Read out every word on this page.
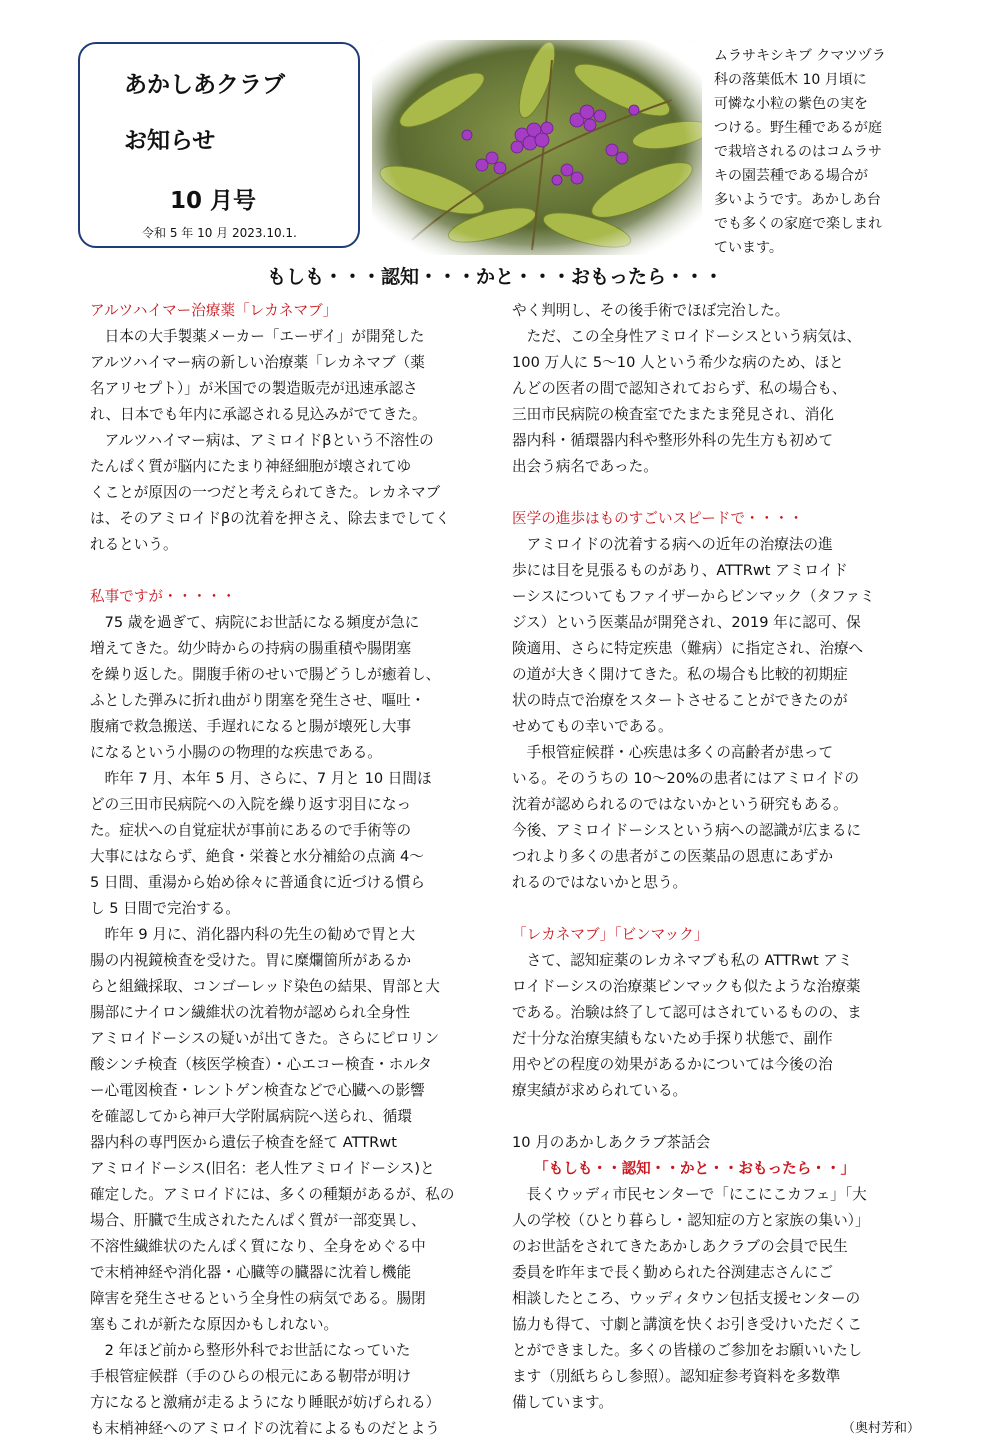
あかしあクラブ
お知らせ
10 月号
令和 5 年 10 月 2023.10.1.

ムラサキシキブ クマツヅラ

科の落葉低木 10 月頃に

可憐な小粒の紫色の実を

つける。野生種であるが庭

で栽培されるのはコムラサ

キの園芸種である場合が

多いようです。あかしあ台

でも多くの家庭で楽しまれ

ています。

もしも・・・認知・・・かと・・・おもったら・・・

アルツハイマー治療薬「レカネマブ」

　日本の大手製薬メーカー「エーザイ」が開発した

アルツハイマー病の新しい治療薬「レカネマブ（薬

名アリセプト）」が米国での製造販売が迅速承認さ

れ、日本でも年内に承認される見込みがでてきた。

　アルツハイマー病は、アミロイドβという不溶性の

たんぱく質が脳内にたまり神経細胞が壊されてゆ

くことが原因の一つだと考えられてきた。レカネマブ

は、そのアミロイドβの沈着を押さえ、除去までしてく

れるという。

私事ですが・・・・・

　75 歳を過ぎて、病院にお世話になる頻度が急に

増えてきた。幼少時からの持病の腸重積や腸閉塞

を繰り返した。開腹手術のせいで腸どうしが癒着し、

ふとした弾みに折れ曲がり閉塞を発生させ、嘔吐・

腹痛で救急搬送、手遅れになると腸が壊死し大事

になるという小腸のの物理的な疾患である。

　昨年 7 月、本年 5 月、さらに、7 月と 10 日間ほ

どの三田市民病院への入院を繰り返す羽目になっ

た。症状への自覚症状が事前にあるので手術等の

大事にはならず、絶食・栄養と水分補給の点滴 4～

5 日間、重湯から始め徐々に普通食に近づける慣ら

し 5 日間で完治する。

　昨年 9 月に、消化器内科の先生の勧めで胃と大

腸の内視鏡検査を受けた。胃に糜爛箇所があるか

らと組織採取、コンゴーレッド染色の結果、胃部と大

腸部にナイロン繊維状の沈着物が認められ全身性

アミロイドーシスの疑いが出てきた。さらにピロリン

酸シンチ検査（核医学検査）・心エコー検査・ホルタ

ー心電図検査・レントゲン検査などで心臓への影響

を確認してから神戸大学附属病院へ送られ、循環

器内科の専門医から遺伝子検査を経て ATTRwt

アミロイドーシス(旧名：老人性アミロイドーシス)と

確定した。アミロイドには、多くの種類があるが、私の

場合、肝臓で生成されたたんぱく質が一部変異し、

不溶性繊維状のたんぱく質になり、全身をめぐる中

で末梢神経や消化器・心臓等の臓器に沈着し機能

障害を発生させるという全身性の病気である。腸閉

塞もこれが新たな原因かもしれない。

　2 年ほど前から整形外科でお世話になっていた

手根管症候群（手のひらの根元にある靭帯が明け

方になると激痛が走るようになり睡眠が妨げられる）

も末梢神経へのアミロイドの沈着によるものだとよう

やく判明し、その後手術でほぼ完治した。

　ただ、この全身性アミロイドーシスという病気は、

100 万人に 5～10 人という希少な病のため、ほと

んどの医者の間で認知されておらず、私の場合も、

三田市民病院の検査室でたまたま発見され、消化

器内科・循環器内科や整形外科の先生方も初めて

出会う病名であった。

医学の進歩はものすごいスピードで・・・・

　アミロイドの沈着する病への近年の治療法の進

歩には目を見張るものがあり、ATTRwt アミロイド

ーシスについてもファイザーからビンマック（タファミ

ジス）という医薬品が開発され、2019 年に認可、保

険適用、さらに特定疾患（難病）に指定され、治療へ

の道が大きく開けてきた。私の場合も比較的初期症

状の時点で治療をスタートさせることができたのが

せめてもの幸いである。

　手根管症候群・心疾患は多くの高齢者が患って

いる。そのうちの 10～20%の患者にはアミロイドの

沈着が認められるのではないかという研究もある。

今後、アミロイドーシスという病への認識が広まるに

つれより多くの患者がこの医薬品の恩恵にあずか

れるのではないかと思う。

「レカネマブ」「ビンマック」

　さて、認知症薬のレカネマブも私の ATTRwt アミ

ロイドーシスの治療薬ビンマックも似たような治療薬

である。治験は終了して認可はされているものの、ま

だ十分な治療実績もないため手探り状態で、副作

用やどの程度の効果があるかについては今後の治

療実績が求められている。

10 月のあかしあクラブ茶話会

「もしも・・認知・・かと・・おもったら・・」

　長くウッディ市民センターで「にこにこカフェ」「大

人の学校（ひとり暮らし・認知症の方と家族の集い）」

のお世話をされてきたあかしあクラブの会員で民生

委員を昨年まで長く勤められた谷渕建志さんにご

相談したところ、ウッディタウン包括支援センターの

協力も得て、寸劇と講演を快くお引き受けいただくこ

とができました。多くの皆様のご参加をお願いいたし

ます（別紙ちらし参照）。認知症参考資料を多数準

備しています。

（奥村芳和）
